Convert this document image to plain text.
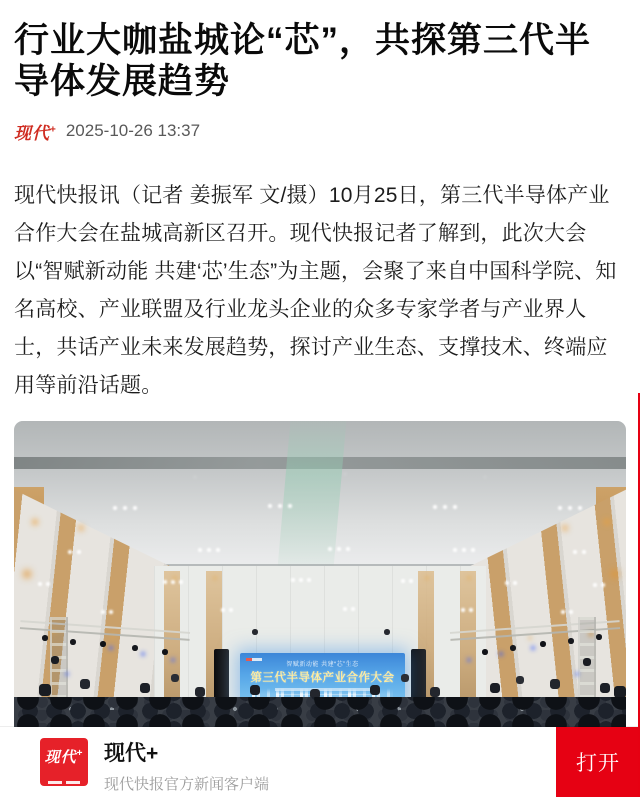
行业大咖盐城论“芯”，共探第三代半导体发展趋势
现代+ 2025-10-26 13:37

现代快报讯（记者 姜振军 文/摄）10月25日，第三代半导体产业合作大会在盐城高新区召开。现代快报记者了解到，此次大会以“智赋新动能 共建‘芯’生态”为主题，会聚了来自中国科学院、知名高校、产业联盟及行业龙头企业的众多专家学者与产业界人士，共话产业未来发展趋势，探讨产业生态、支撑技术、终端应用等前沿话题。

智赋新动能 共建“芯”生态
第三代半导体产业合作大会
现代+ 现代+
现代快报官方新闻客户端
打开
